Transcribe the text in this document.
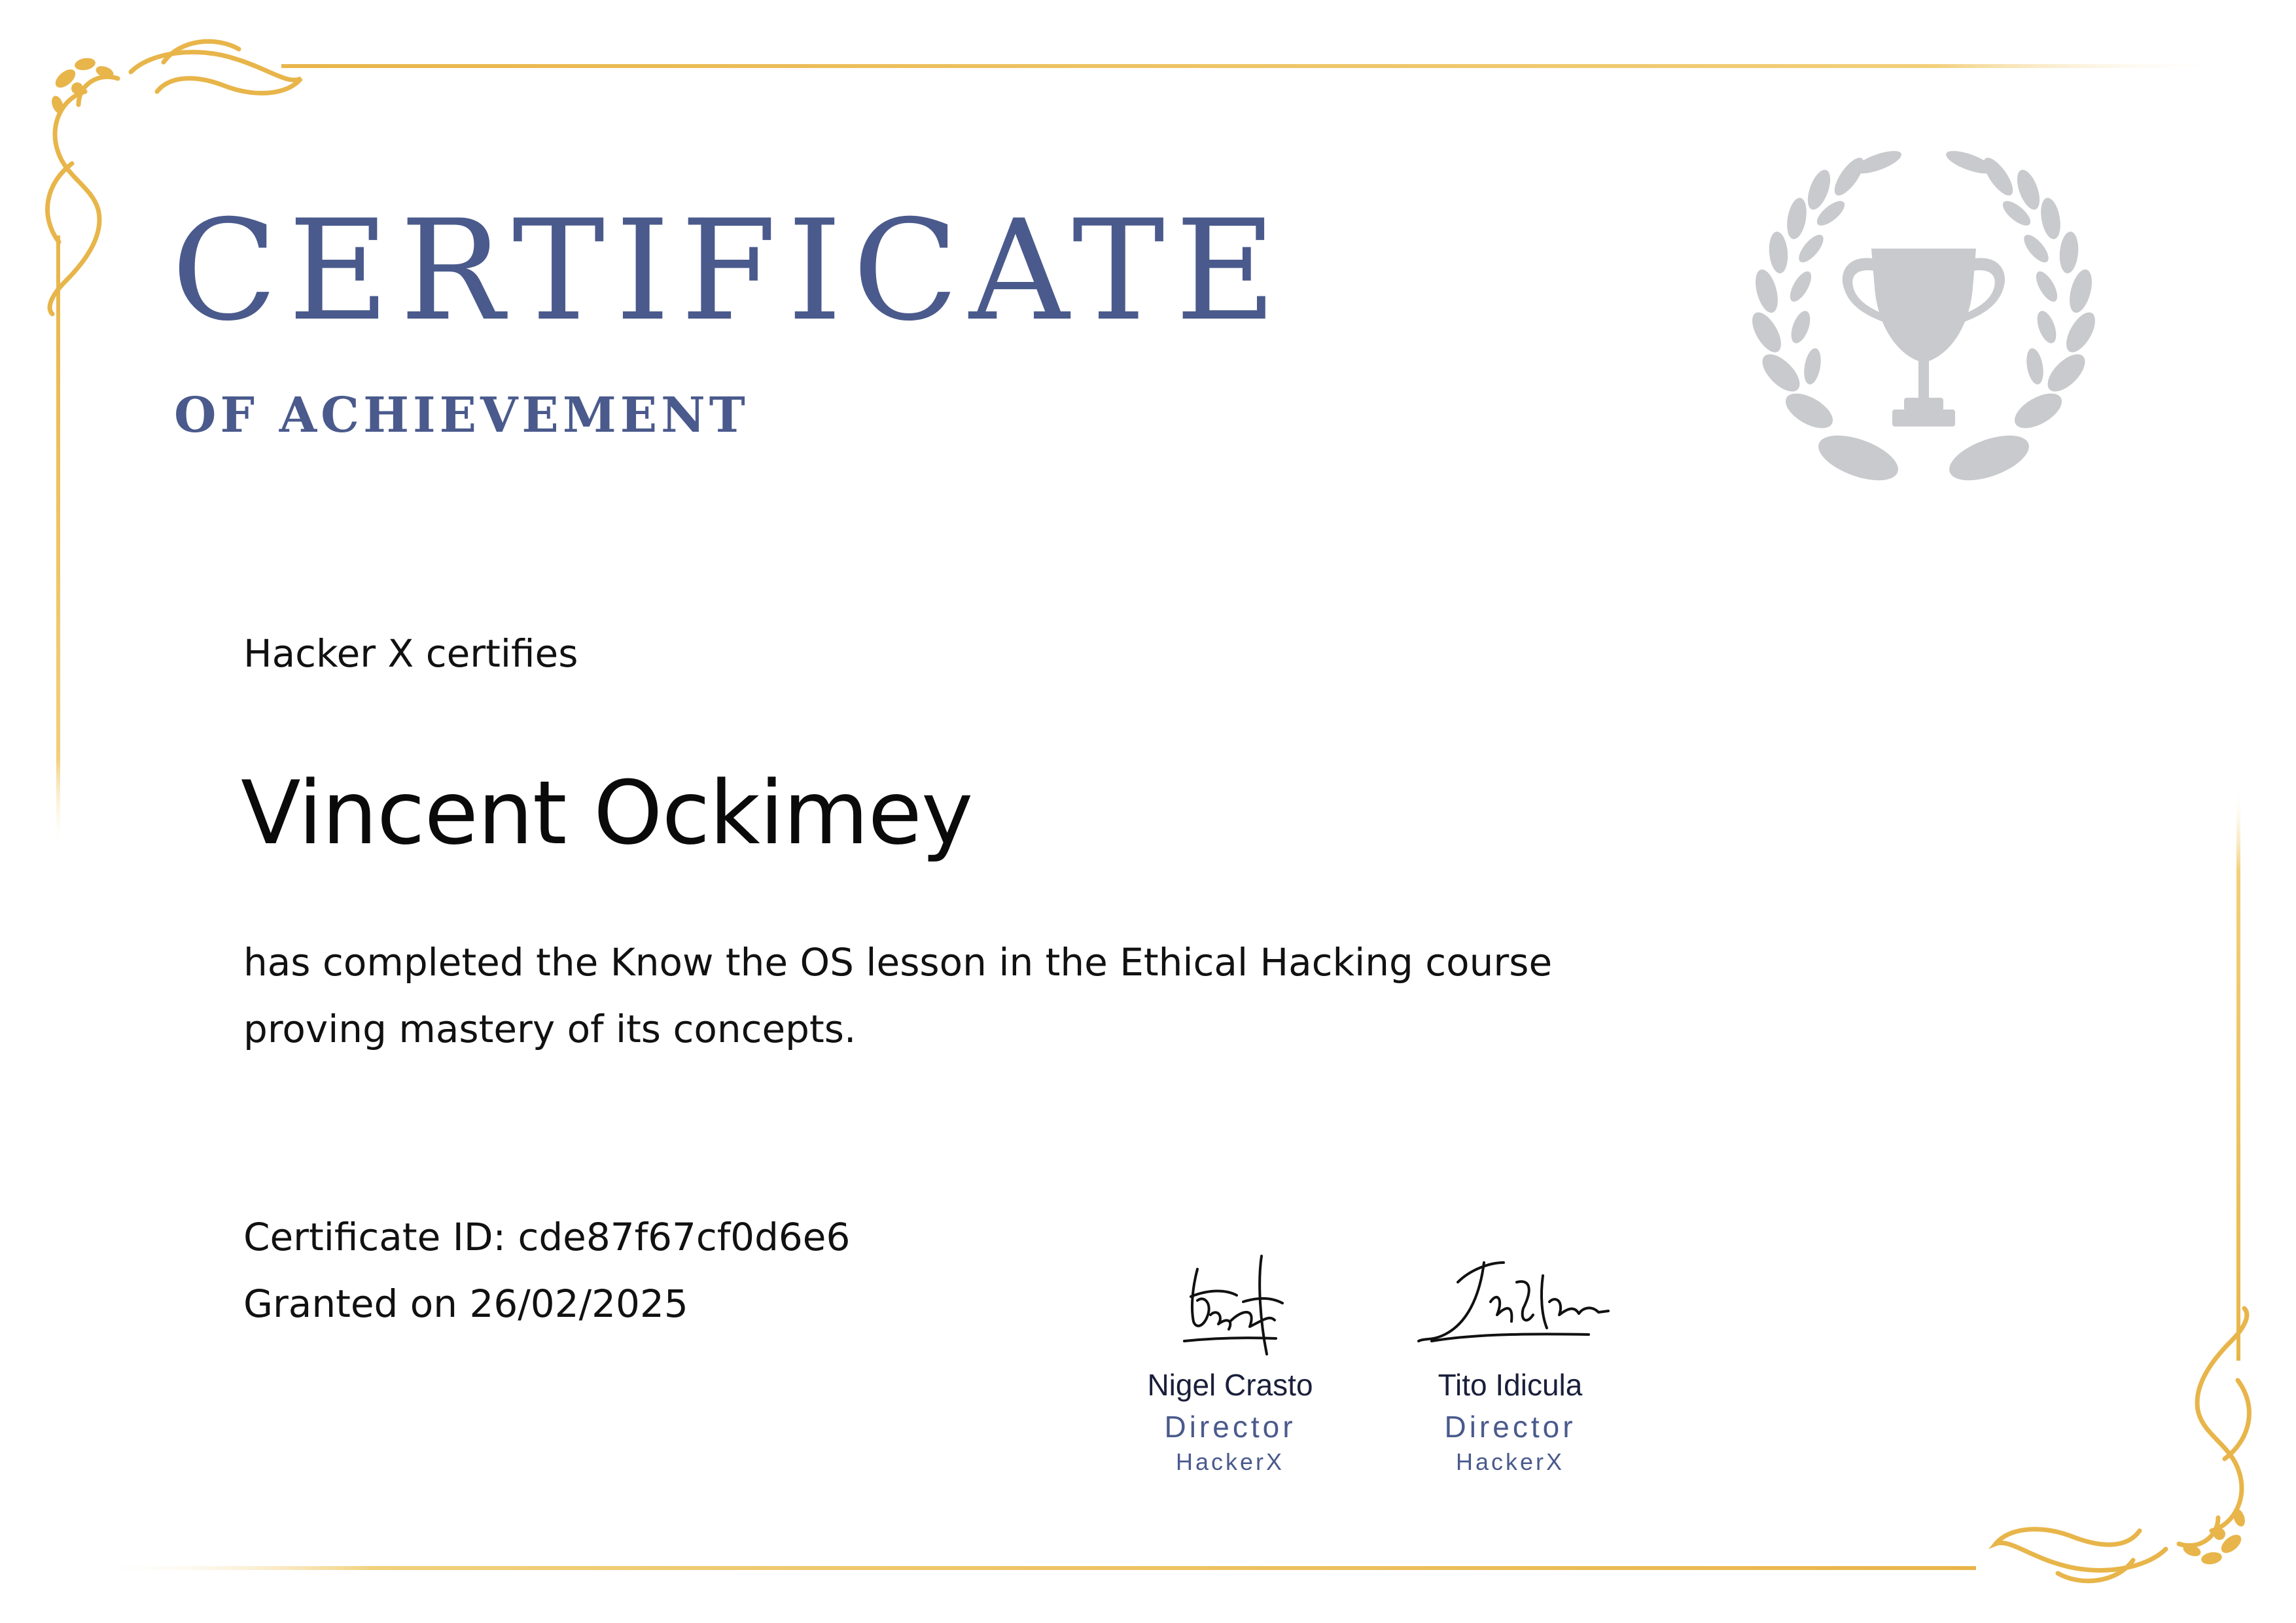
CERTIFICATE
OF ACHIEVEMENT
Hacker X certifies
Vincent Ockimey
has completed the Know the OS lesson in the Ethical Hacking course
proving mastery of its concepts.
Certificate ID: cde87f67cf0d6e6
Granted on 26/02/2025
Nigel Crasto
Director
HackerX
Tito Idicula
Director
HackerX
